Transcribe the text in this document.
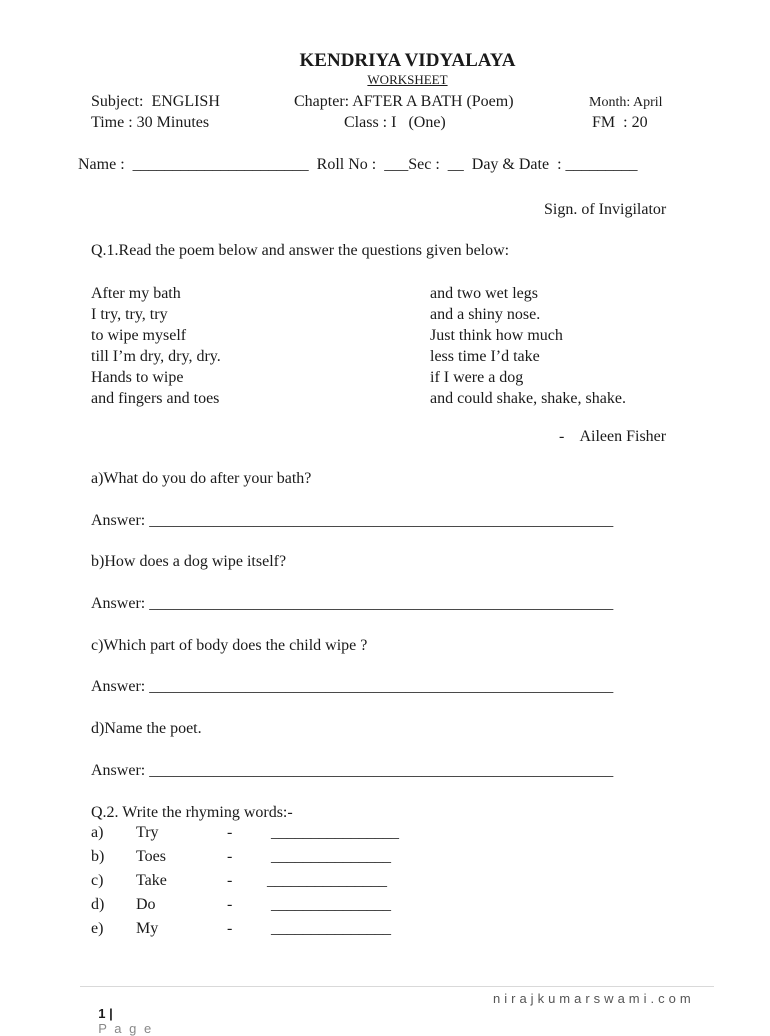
KENDRIYA VIDYALAYA
WORKSHEET
Subject:  ENGLISH	Chapter: AFTER A BATH (Poem)	Month: April
Time : 30 Minutes	Class : I   (One)	FM  : 20
Name :  ______________________  Roll No :  ___Sec :  __  Day & Date  : _________
Sign. of Invigilator
Q.1.Read the poem below and answer the questions given below:
After my bath
I try, try, try
to wipe myself
till I’m dry, dry, dry.
Hands to wipe
and fingers and toes
and two wet legs
and a shiny nose.
Just think how much
less time I’d take
if I were a dog
and could shake, shake, shake.
-    Aileen Fisher
a)What do you do after your bath?
Answer: __________________________________________________________
b)How does a dog wipe itself?
Answer: __________________________________________________________
c)Which part of body does the child wipe ?
Answer: __________________________________________________________
d)Name the poet.
Answer: __________________________________________________________
Q.2. Write the rhyming words:-
a) Try	- ________________
b) Toes	- _______________
c) Take	- _______________
d) Do	- _______________
e) My	- _______________

1 |
P a g e

nirajkumarswami.com
